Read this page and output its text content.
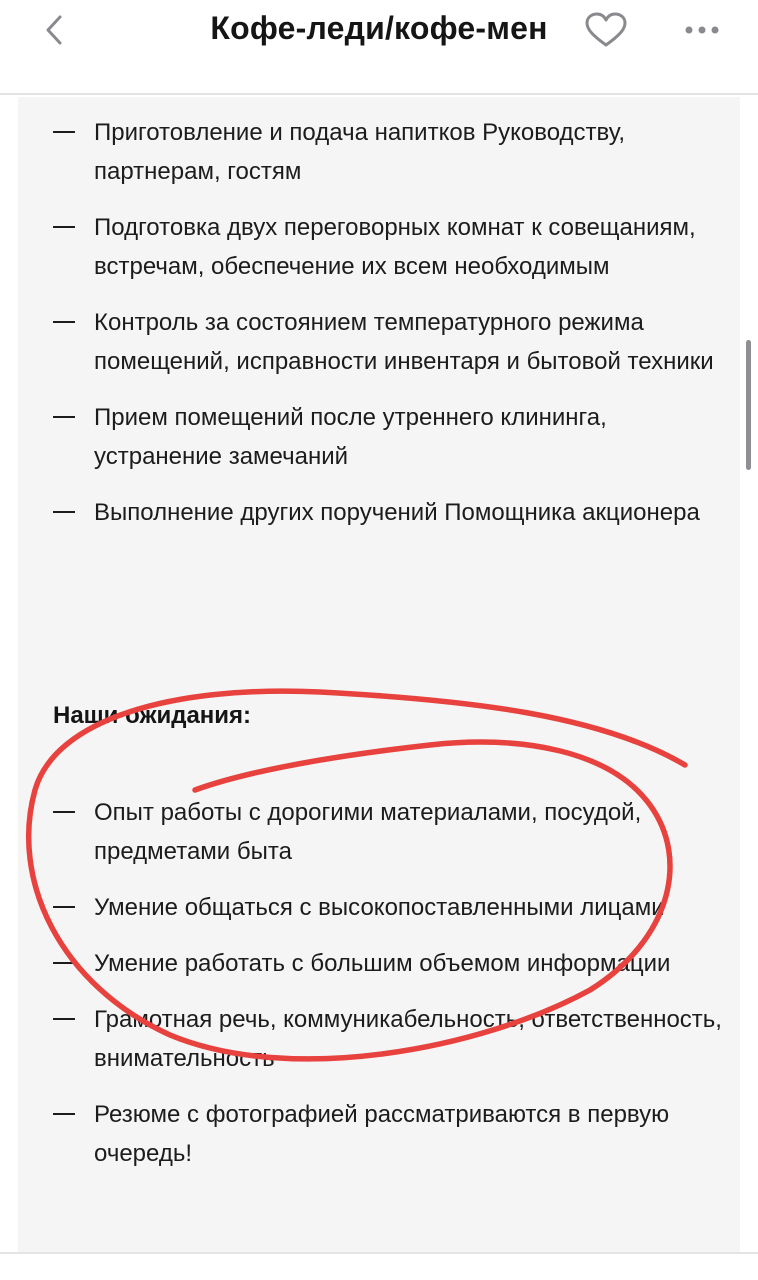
Кофе-леди/кофе-мен
Приготовление и подача напитков Руководству, партнерам, гостям
Подготовка двух переговорных комнат к совещаниям, встречам, обеспечение их всем необходимым
Контроль за состоянием температурного режима помещений, исправности инвентаря и бытовой техники
Прием помещений после утреннего клининга, устранение замечаний
Выполнение других поручений Помощника акционера
Наши ожидания:
Опыт работы с дорогими материалами, посудой, предметами быта
Умение общаться с высокопоставленными лицами
Умение работать с большим объемом информации
Грамотная речь, коммуникабельность, ответственность, внимательность
Резюме с фотографией рассматриваются в первую очередь!
